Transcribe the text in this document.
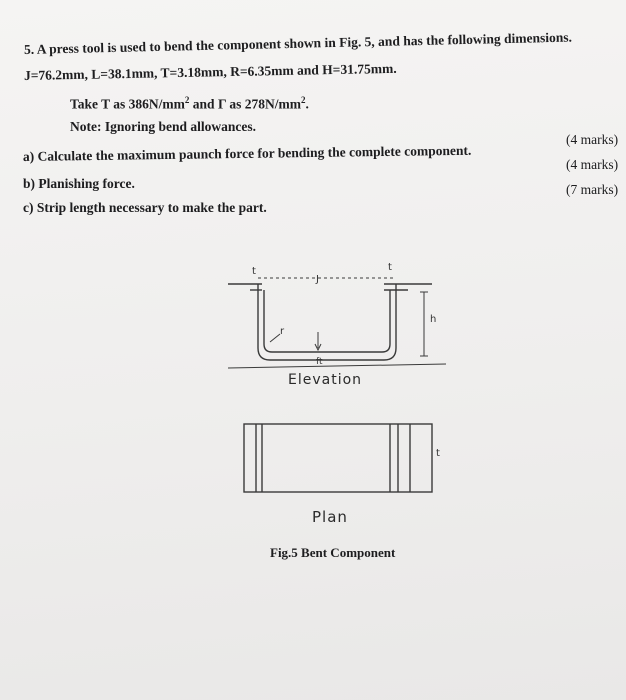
5. A press tool is used to bend the component shown in Fig. 5, and has the following dimensions.
J=76.2mm, L=38.1mm, T=3.18mm, R=6.35mm and H=31.75mm.
Take T as $386N/mm^2$ and Γ as $278N/mm^2$.
Note: Ignoring bend allowances.
a) Calculate the maximum paunch force for bending the complete component.
b) Planishing force.
c) Strip length necessary to make the part.
(4 marks)
(4 marks)
(7 marks)
t
J
t
h
r
ft
Elevation
t
Plan
Fig.5 Bent Component
